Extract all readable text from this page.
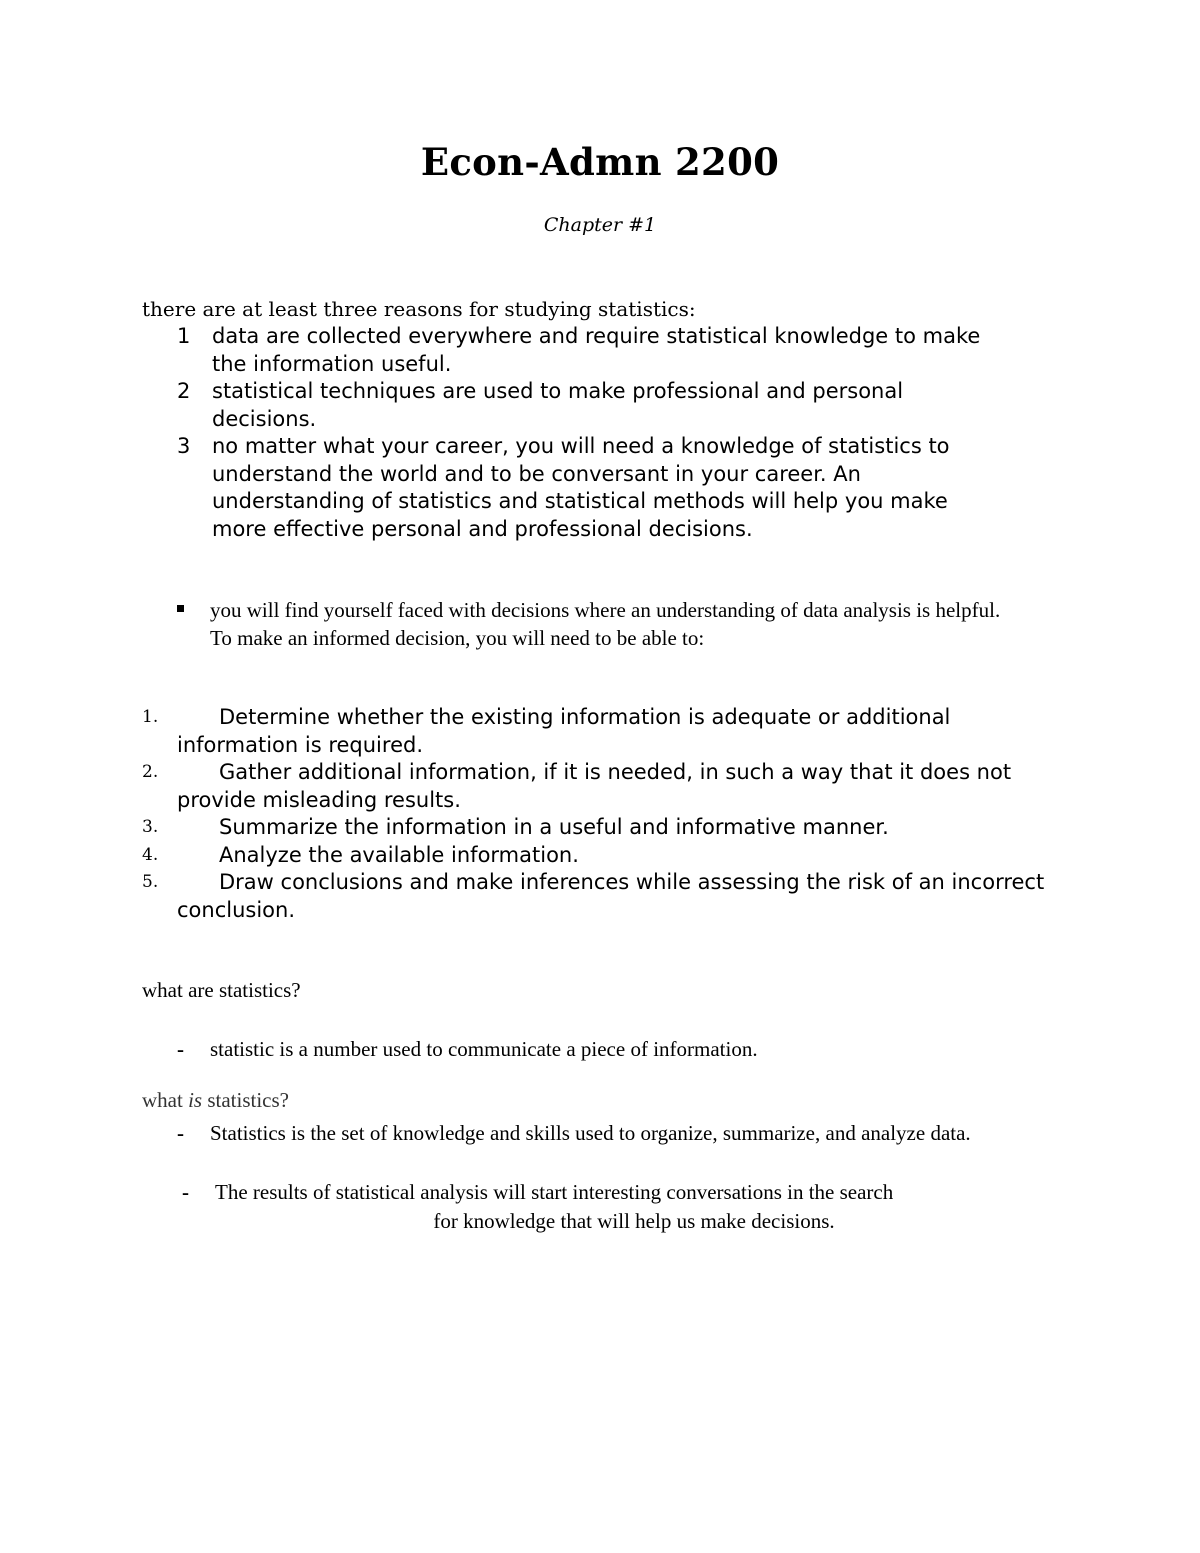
Econ-Admn 2200
Chapter #1
there are at least three reasons for studying statistics:
1 data are collected everywhere and require statistical knowledge to make the information useful.
2 statistical techniques are used to make professional and personal decisions.
3 no matter what your career, you will need a knowledge of statistics to understand the world and to be conversant in your career. An understanding of statistics and statistical methods will help you make more effective personal and professional decisions.
you will find yourself faced with decisions where an understanding of data analysis is helpful. To make an informed decision, you will need to be able to:
1.	Determine whether the existing information is adequate or additional information is required.
2.	Gather additional information, if it is needed, in such a way that it does not provide misleading results.
3.	Summarize the information in a useful and informative manner.
4.	Analyze the available information.
5.	Draw conclusions and make inferences while assessing the risk of an incorrect conclusion.
what are statistics?
- statistic is a number used to communicate a piece of information.
what is statistics?
- Statistics is the set of knowledge and skills used to organize, summarize, and analyze data.
- The results of statistical analysis will start interesting conversations in the search
for knowledge that will help us make decisions.
